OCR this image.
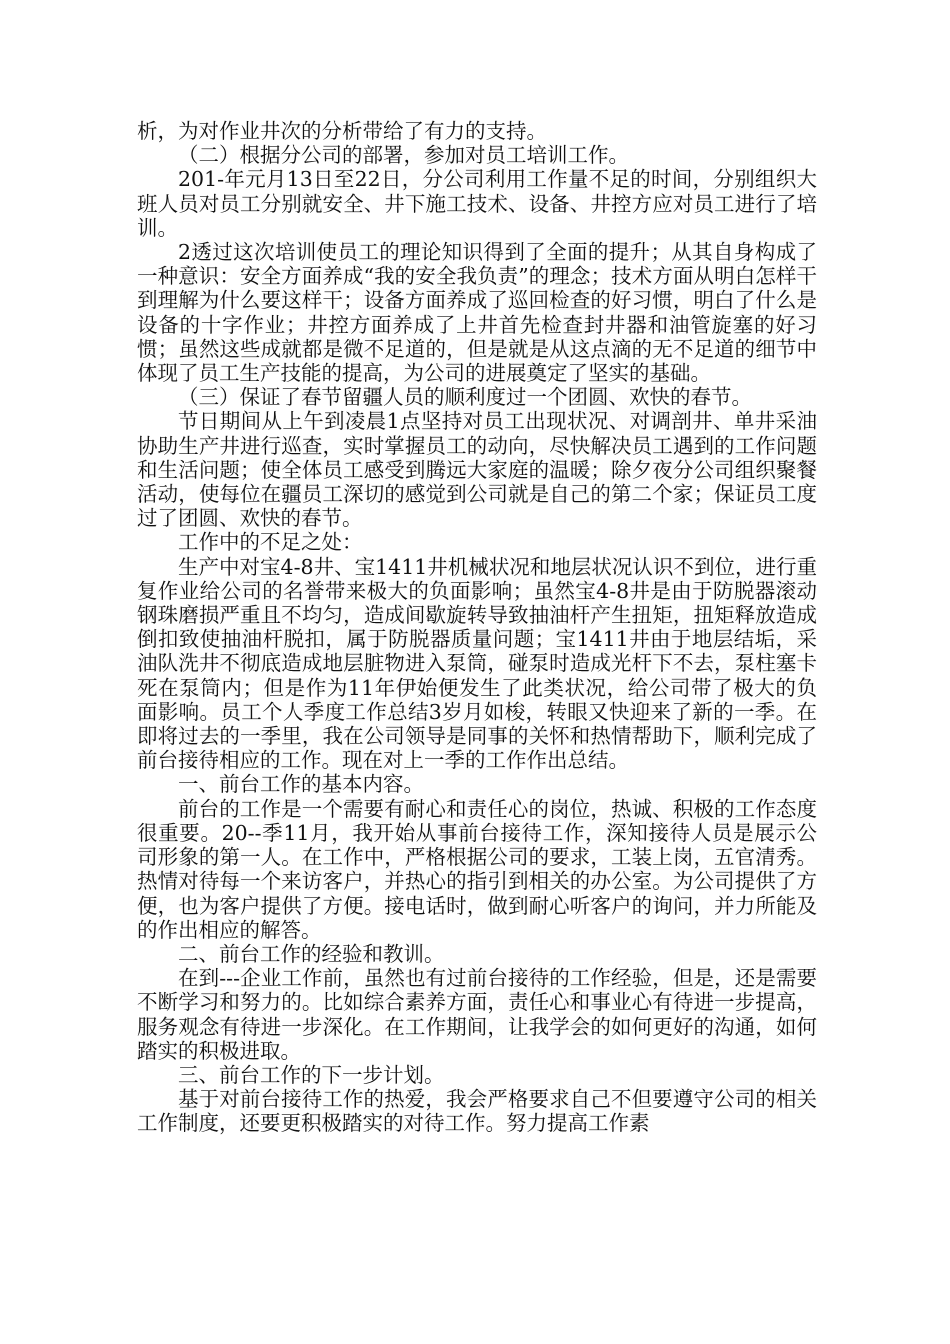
析，为对作业井次的分析带给了有力的支持。

（二）根据分公司的部署，参加对员工培训工作。

201-年元月13日至22日，分公司利用工作量不足的时间，分别组织大班人员对员工分别就安全、井下施工技术、设备、井控方应对员工进行了培训。

2透过这次培训使员工的理论知识得到了全面的提升；从其自身构成了一种意识：安全方面养成“我的安全我负责”的理念；技术方面从明白怎样干到理解为什么要这样干；设备方面养成了巡回检查的好习惯，明白了什么是设备的十字作业；井控方面养成了上井首先检查封井器和油管旋塞的好习惯；虽然这些成就都是微不足道的，但是就是从这点滴的无不足道的细节中体现了员工生产技能的提高，为公司的进展奠定了坚实的基础。

（三）保证了春节留疆人员的顺利度过一个团圆、欢快的春节。

节日期间从上午到凌晨1点坚持对员工出现状况、对调剖井、单井采油协助生产井进行巡查，实时掌握员工的动向，尽快解决员工遇到的工作问题和生活问题；使全体员工感受到腾远大家庭的温暖；除夕夜分公司组织聚餐活动，使每位在疆员工深切的感觉到公司就是自己的第二个家；保证员工度过了团圆、欢快的春节。

工作中的不足之处：

生产中对宝4-8井、宝1411井机械状况和地层状况认识不到位，进行重复作业给公司的名誉带来极大的负面影响；虽然宝4-8井是由于防脱器滚动钢珠磨损严重且不均匀，造成间歇旋转导致抽油杆产生扭矩，扭矩释放造成倒扣致使抽油杆脱扣，属于防脱器质量问题；宝1411井由于地层结垢，采油队洗井不彻底造成地层脏物进入泵筒，碰泵时造成光杆下不去，泵柱塞卡死在泵筒内；但是作为11年伊始便发生了此类状况，给公司带了极大的负面影响。员工个人季度工作总结3岁月如梭，转眼又快迎来了新的一季。在即将过去的一季里，我在公司领导是同事的关怀和热情帮助下，顺利完成了前台接待相应的工作。现在对上一季的工作作出总结。

一、前台工作的基本内容。

前台的工作是一个需要有耐心和责任心的岗位，热诚、积极的工作态度很重要。20--季11月，我开始从事前台接待工作，深知接待人员是展示公司形象的第一人。在工作中，严格根据公司的要求，工装上岗，五官清秀。热情对待每一个来访客户，并热心的指引到相关的办公室。为公司提供了方便，也为客户提供了方便。接电话时，做到耐心听客户的询问，并力所能及的作出相应的解答。

二、前台工作的经验和教训。

在到---企业工作前，虽然也有过前台接待的工作经验，但是，还是需要不断学习和努力的。比如综合素养方面，责任心和事业心有待进一步提高，服务观念有待进一步深化。在工作期间，让我学会的如何更好的沟通，如何踏实的积极进取。

三、前台工作的下一步计划。

基于对前台接待工作的热爱，我会严格要求自己不但要遵守公司的相关工作制度，还要更积极踏实的对待工作。努力提高工作素
